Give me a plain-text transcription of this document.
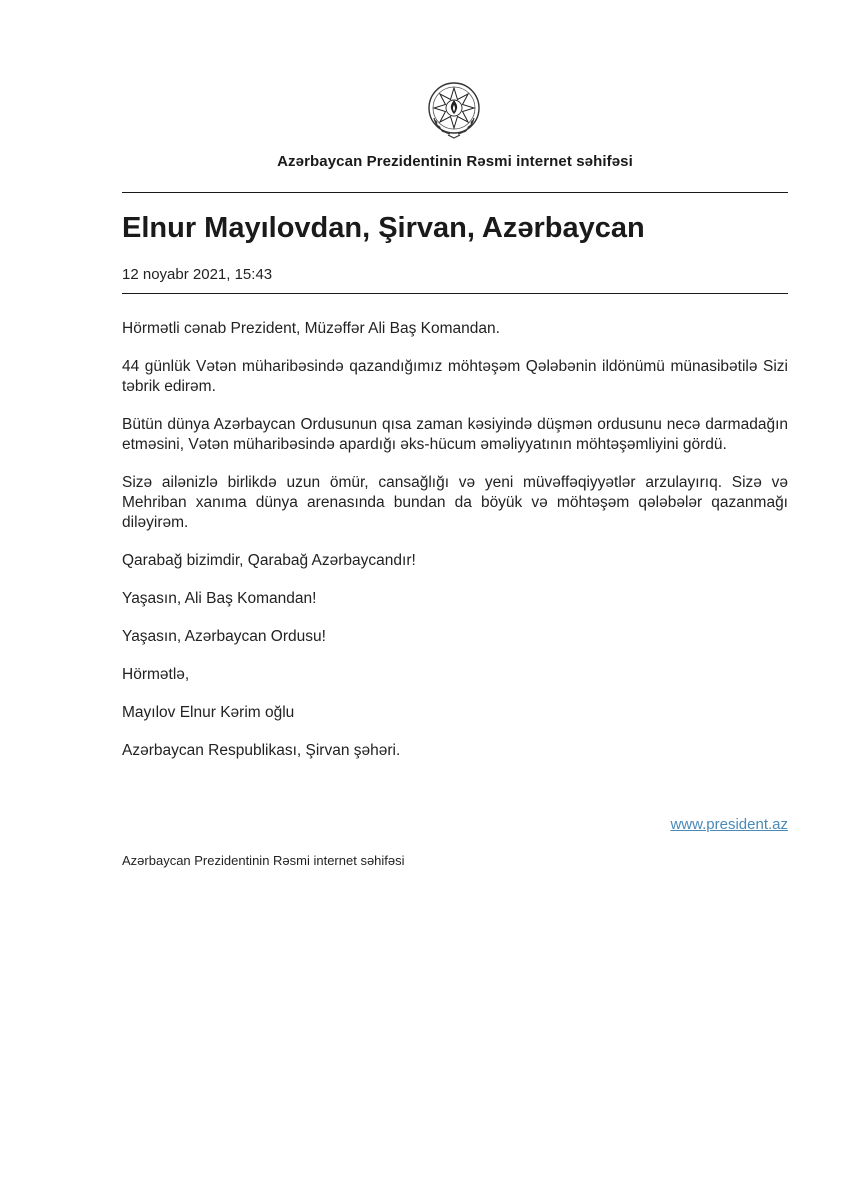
Azərbaycan Prezidentinin Rəsmi internet səhifəsi
Elnur Mayılovdan, Şirvan, Azərbaycan
12 noyabr 2021, 15:43

Hörmətli cənab Prezident, Müzəffər Ali Baş Komandan.

44 günlük Vətən müharibəsində qazandığımız möhtəşəm Qələbənin ildönümü münasibətilə Sizi təbrik edirəm.

Bütün dünya Azərbaycan Ordusunun qısa zaman kəsiyində düşmən ordusunu necə darmadağın etməsini, Vətən müharibəsində apardığı əks-hücum əməliyyatının möhtəşəmliyini gördü.

Sizə ailənizlə birlikdə uzun ömür, cansağlığı və yeni müvəffəqiyyətlər arzulayırıq. Sizə və Mehriban xanıma dünya arenasında bundan da böyük və möhtəşəm qələbələr qazanmağı diləyirəm.

Qarabağ bizimdir, Qarabağ Azərbaycandır!

Yaşasın, Ali Baş Komandan!

Yaşasın, Azərbaycan Ordusu!

Hörmətlə,

Mayılov Elnur Kərim oğlu

Azərbaycan Respublikası, Şirvan şəhəri.

www.president.az
Azərbaycan Prezidentinin Rəsmi internet səhifəsi
